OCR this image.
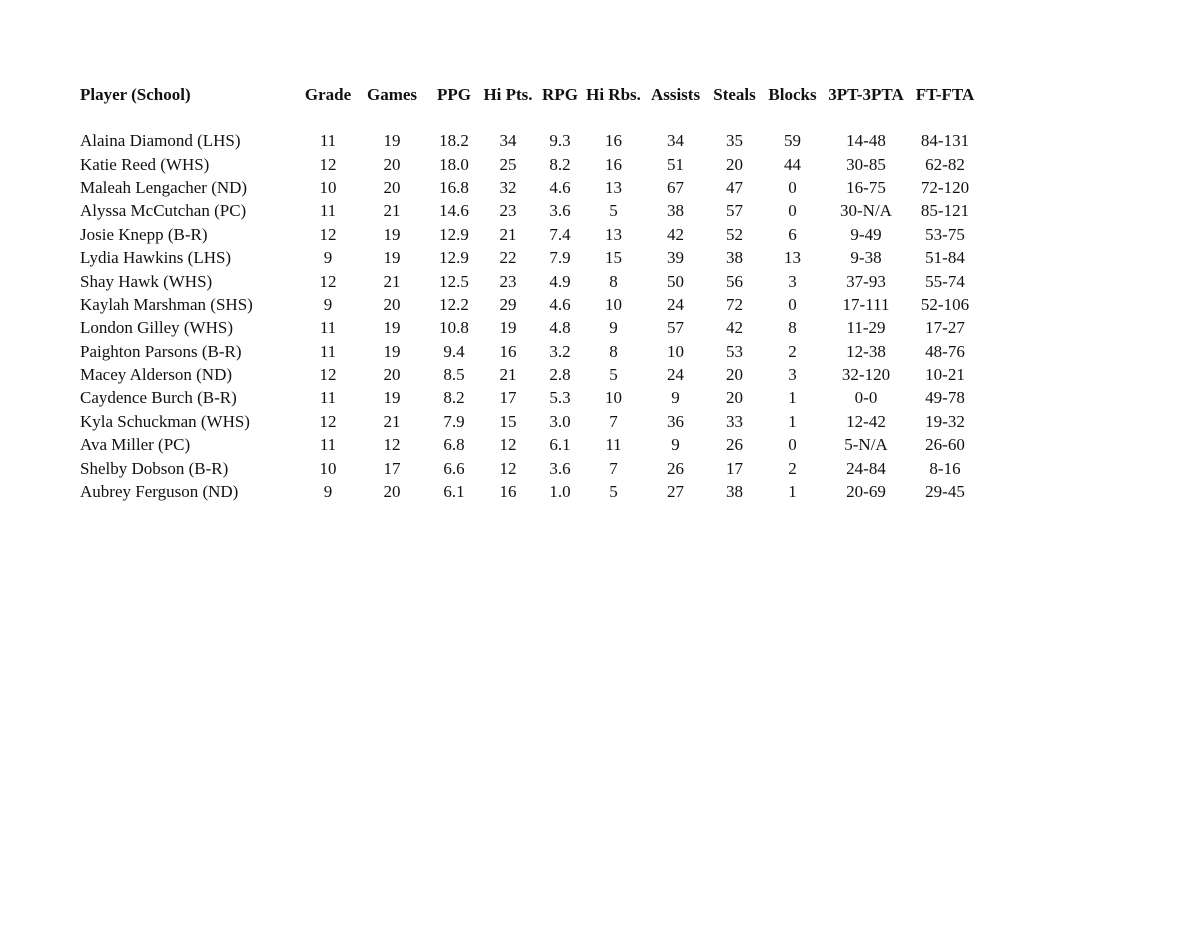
Player (School)	Grade	Games	PPG	Hi Pts.	RPG	Hi Rbs.	Assists	Steals	Blocks	3PT-3PTA	FT-FTA

Alaina Diamond (LHS)	11	19	18.2	34	9.3	16	34	35	59	14-48	84-131
Katie Reed (WHS)	12	20	18.0	25	8.2	16	51	20	44	30-85	62-82
Maleah Lengacher (ND)	10	20	16.8	32	4.6	13	67	47	0	16-75	72-120
Alyssa McCutchan (PC)	11	21	14.6	23	3.6	5	38	57	0	30-N/A	85-121
Josie Knepp (B-R)	12	19	12.9	21	7.4	13	42	52	6	9-49	53-75
Lydia Hawkins (LHS)	9	19	12.9	22	7.9	15	39	38	13	9-38	51-84
Shay Hawk (WHS)	12	21	12.5	23	4.9	8	50	56	3	37-93	55-74
Kaylah Marshman (SHS)	9	20	12.2	29	4.6	10	24	72	0	17-111	52-106
London Gilley (WHS)	11	19	10.8	19	4.8	9	57	42	8	11-29	17-27
Paighton Parsons (B-R)	11	19	9.4	16	3.2	8	10	53	2	12-38	48-76
Macey Alderson (ND)	12	20	8.5	21	2.8	5	24	20	3	32-120	10-21
Caydence Burch (B-R)	11	19	8.2	17	5.3	10	9	20	1	0-0	49-78
Kyla Schuckman (WHS)	12	21	7.9	15	3.0	7	36	33	1	12-42	19-32
Ava Miller (PC)	11	12	6.8	12	6.1	11	9	26	0	5-N/A	26-60
Shelby Dobson (B-R)	10	17	6.6	12	3.6	7	26	17	2	24-84	8-16
Aubrey Ferguson (ND)	9	20	6.1	16	1.0	5	27	38	1	20-69	29-45
